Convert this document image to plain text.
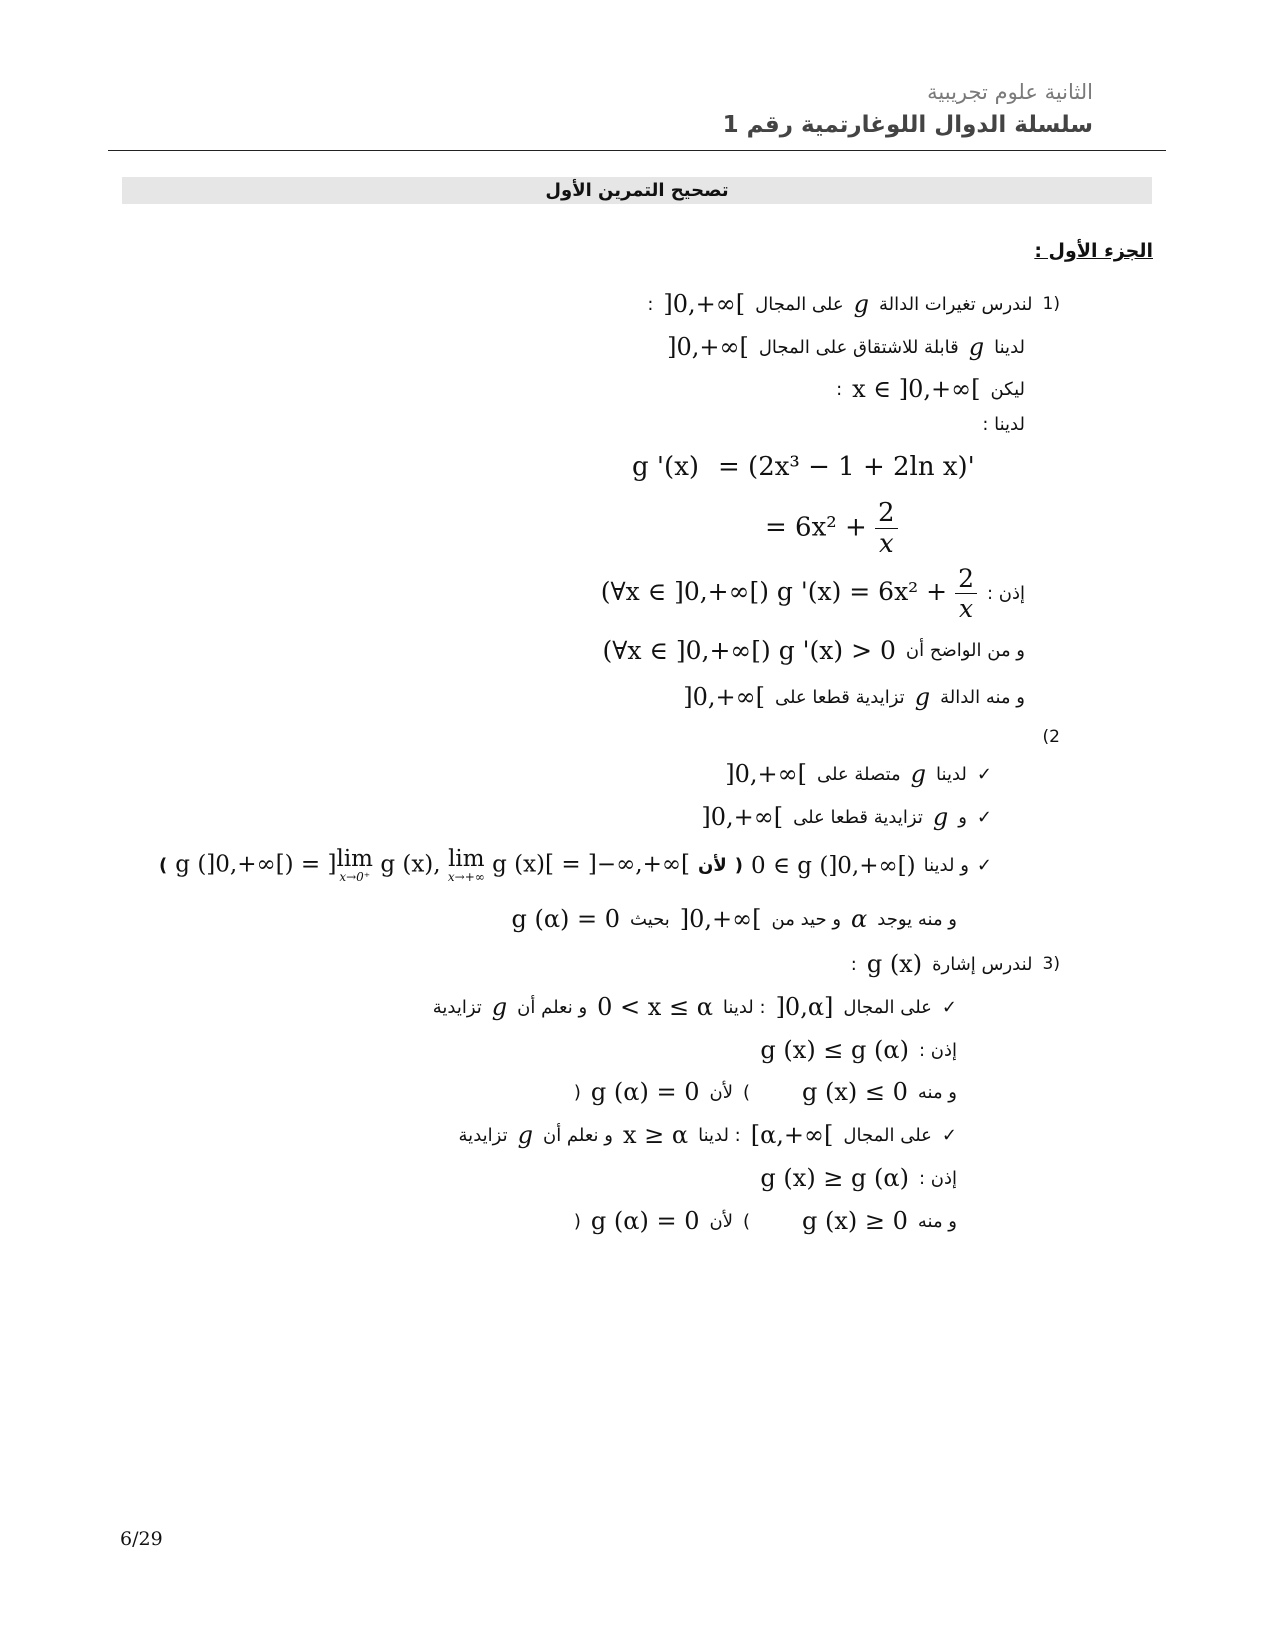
الثانية علوم تجريبية
سلسلة الدوال اللوغارتمية رقم 1
تصحيح التمرين الأول
الجزء الأول :
1)
لندرس تغيرات الدالة
g
على المجال
]0,+∞[
:
لدينا
g
قابلة للاشتقاق على المجال
]0,+∞[
ليكن
x ∈ ]0,+∞[
:
لدينا :
g '(x) = (2x³ − 1 + 2ln x)'
= $6x^2 + \frac{2}{x}$
إذن :
(∀x ∈ ]0,+∞[) g '$(x) = 6x^2 + \frac{2}{x}$
و من الواضح أن
(∀x ∈ ]0,+∞[) g '(x) > 0
و منه الدالة
g
تزايدية قطعا على
]0,+∞[
(2
✓
لدينا
g
متصلة على
]0,+∞[
✓
و
g
تزايدية قطعا على
]0,+∞[
✓
و لدينا
0 ∈ g (]0,+∞[)
(
لأن
g (]0,+∞[) = ] lim
x→0⁺ g (x), lim
x→+∞ g (x)[ = ]−∞,+∞[
)
و منه يوجد
α
و حيد من
]0,+∞[
بحيث
g (α) = 0
3)
لندرس إشارة
g (x)
:
✓
على المجال
]0,α]
: لدينا
0 < x ≤ α
و نعلم أن
g
تزايدية
إذن :
g (x) ≤ g (α)
و منه
g (x) ≤ 0
)
لأن
g (α) = 0
(
✓
على المجال
[α,+∞[
: لدينا
x ≥ α
و نعلم أن
g
تزايدية
إذن :
g (x) ≥ g (α)
و منه
g (x) ≥ 0
)
لأن
g (α) = 0
(
6/29
